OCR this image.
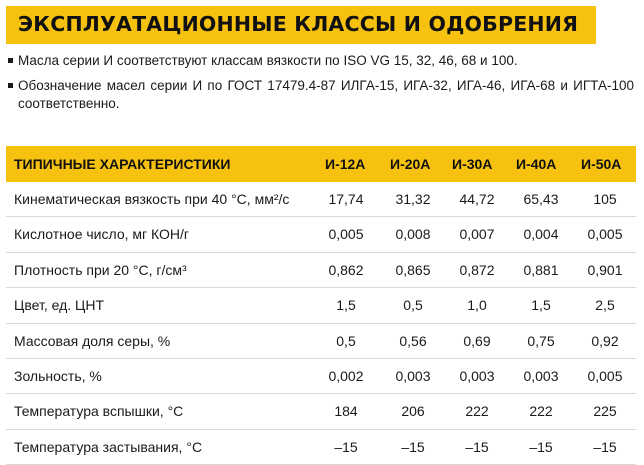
ЭКСПЛУАТАЦИОННЫЕ КЛАССЫ И ОДОБРЕНИЯ
Масла серии И соответствуют классам вязкости по ISO VG 15, 32, 46, 68 и 100.
Обозначение масел серии И по ГОСТ 17479.4-87 ИЛГА-15, ИГА-32, ИГА-46, ИГА-68 и ИГТА-100 соответственно.
ТИПИЧНЫЕ ХАРАКТЕРИСТИКИ	И-12А И-20А И-30А И-40А И-50А
Кинематическая вязкость при 40 °С, мм²/с	17,74	31,32	44,72	65,43	105
Кислотное число, мг КОН/г	0,005	0,008	0,007	0,004	0,005
Плотность при 20 °С, г/см³	0,862	0,865	0,872	0,881	0,901
Цвет, ед. ЦНТ	1,5	0,5	1,0	1,5	2,5
Массовая доля серы, %	0,5	0,56	0,69	0,75	0,92
Зольность, %	0,002	0,003	0,003	0,003	0,005
Температура вспышки, °С	184	206	222	222	225
Температура застывания, °С	–15	–15	–15	–15	–15
